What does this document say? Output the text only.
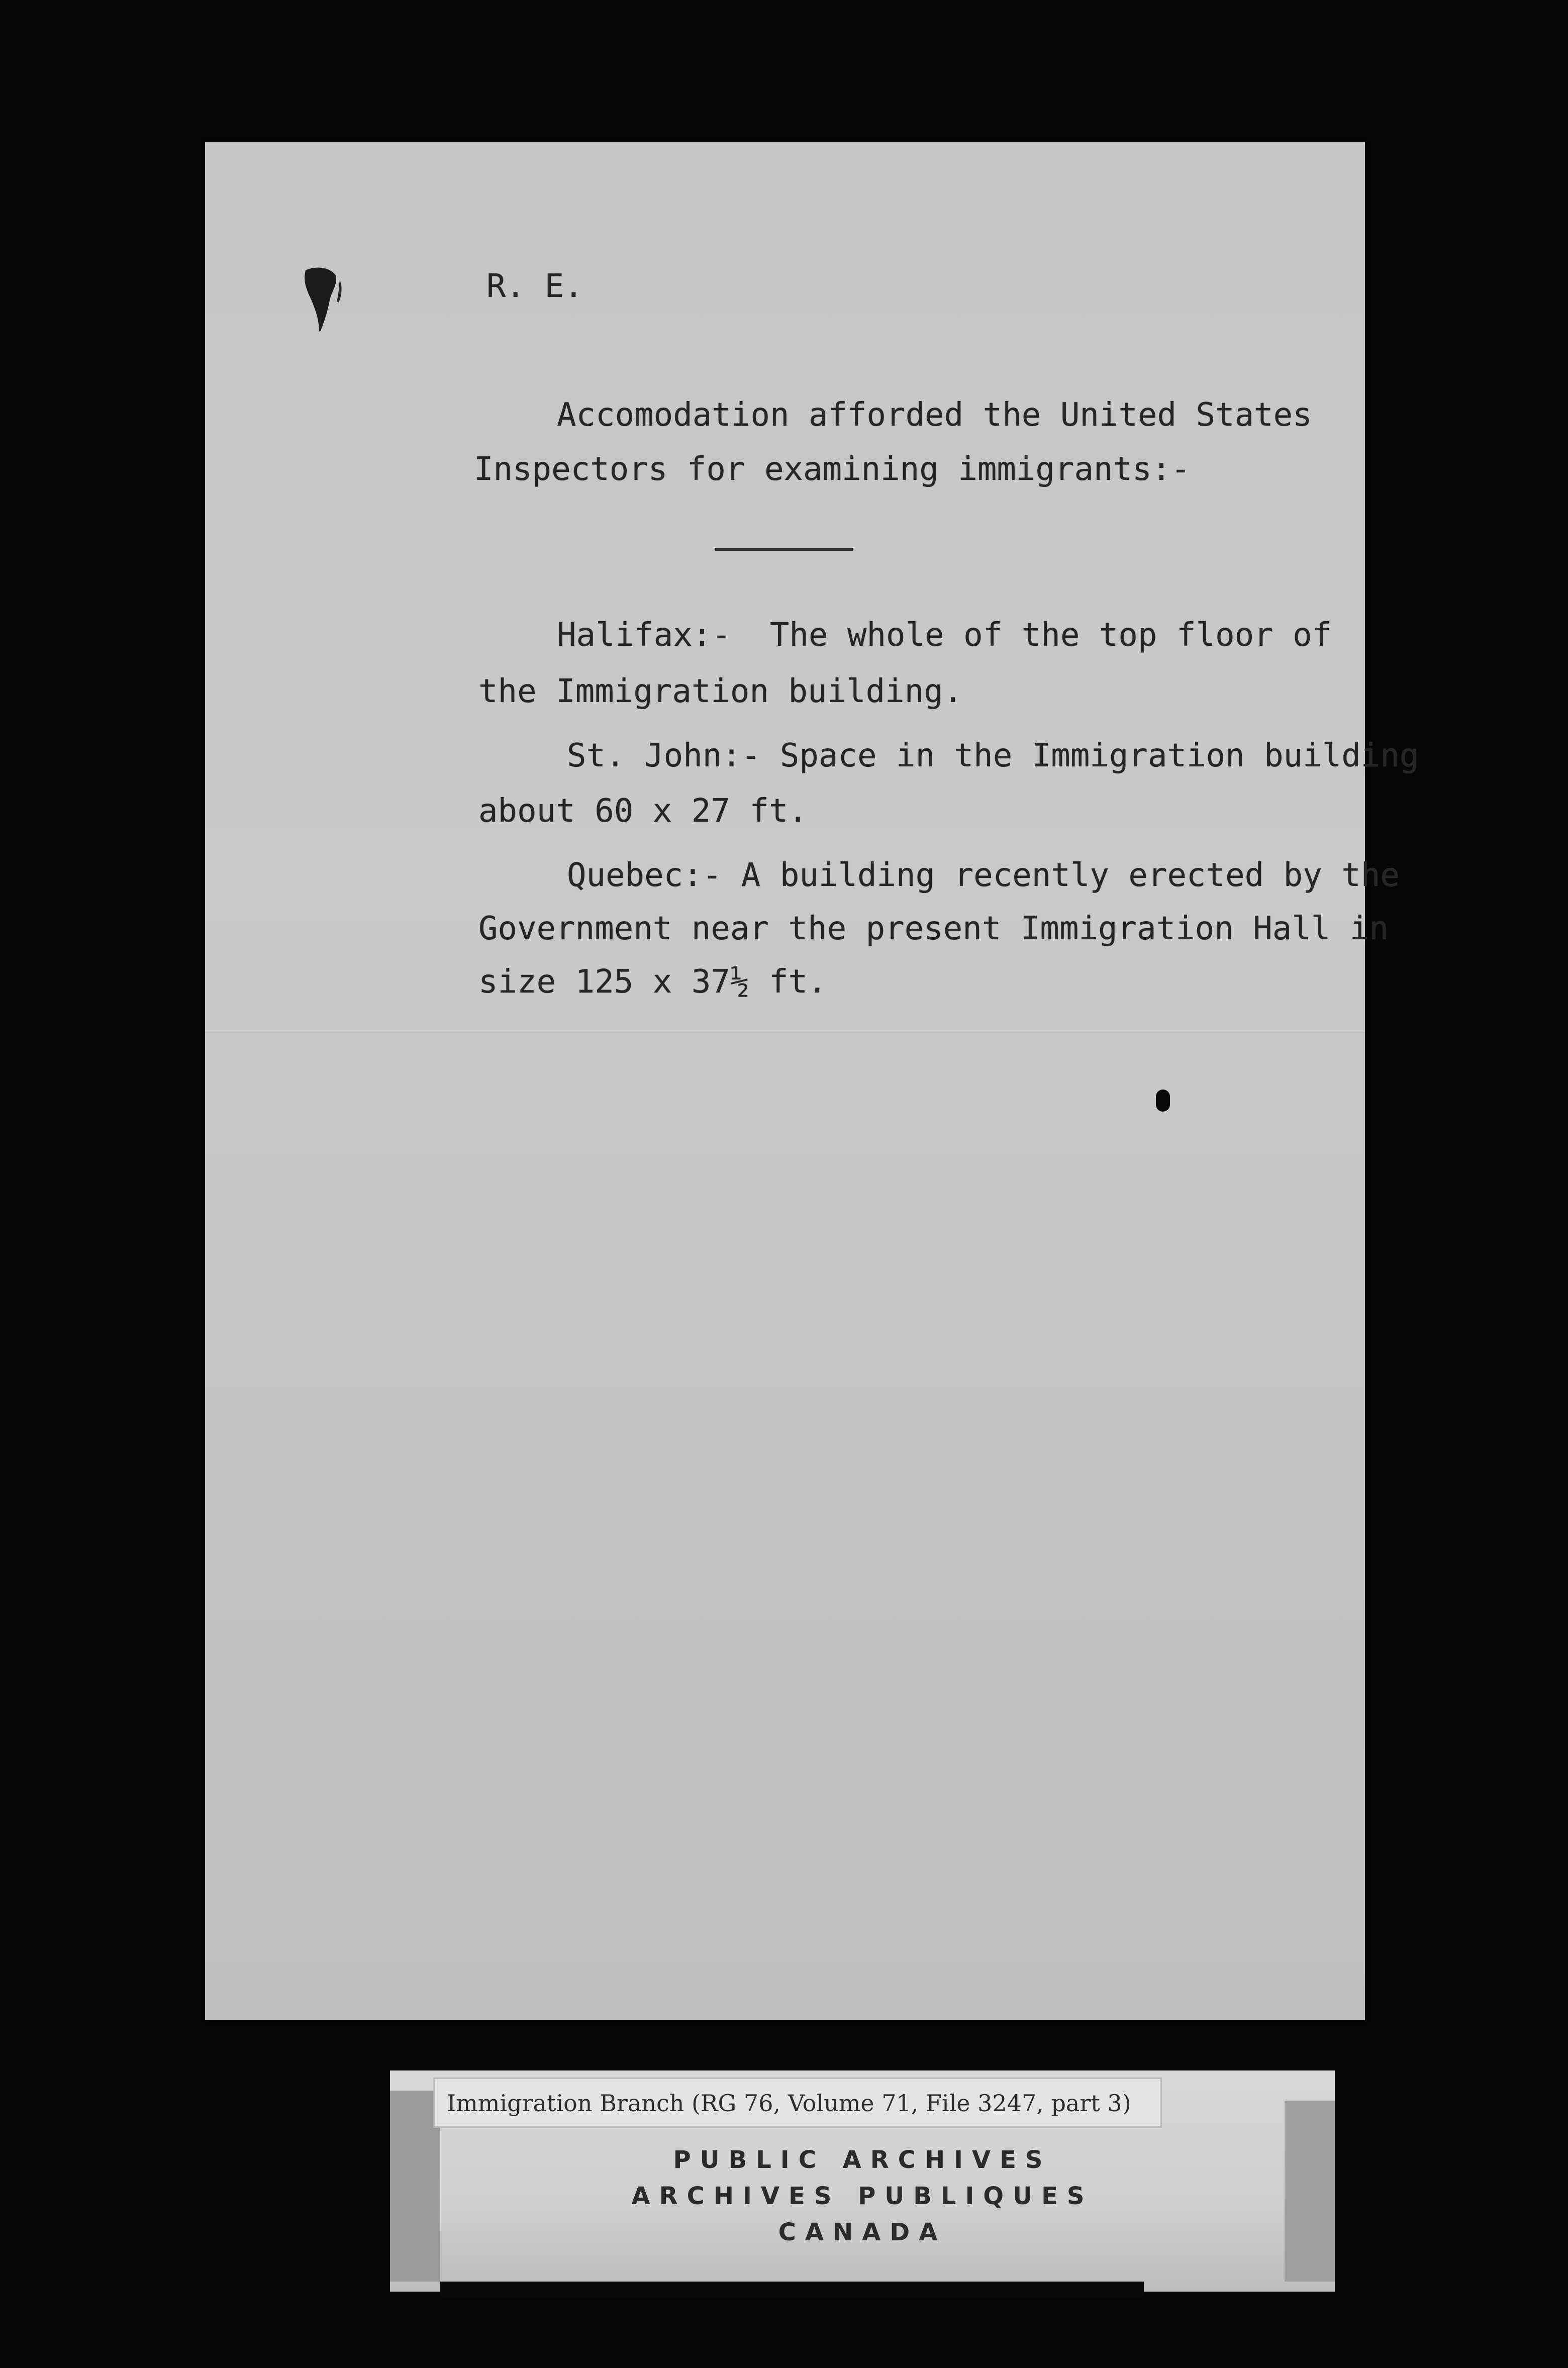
R. E.

Accomodation afforded the United States

Inspectors for examining immigrants:-

Halifax:-  The whole of the top floor of

the Immigration building.

St. John:- Space in the Immigration building

about 60 x 27 ft.

Quebec:- A building recently erected by the

Government near the present Immigration Hall in

size 125 x 37½ ft.

Immigration Branch (RG 76, Volume 71, File 3247, part 3)
PUBLIC ARCHIVES
ARCHIVES PUBLIQUES
CANADA
